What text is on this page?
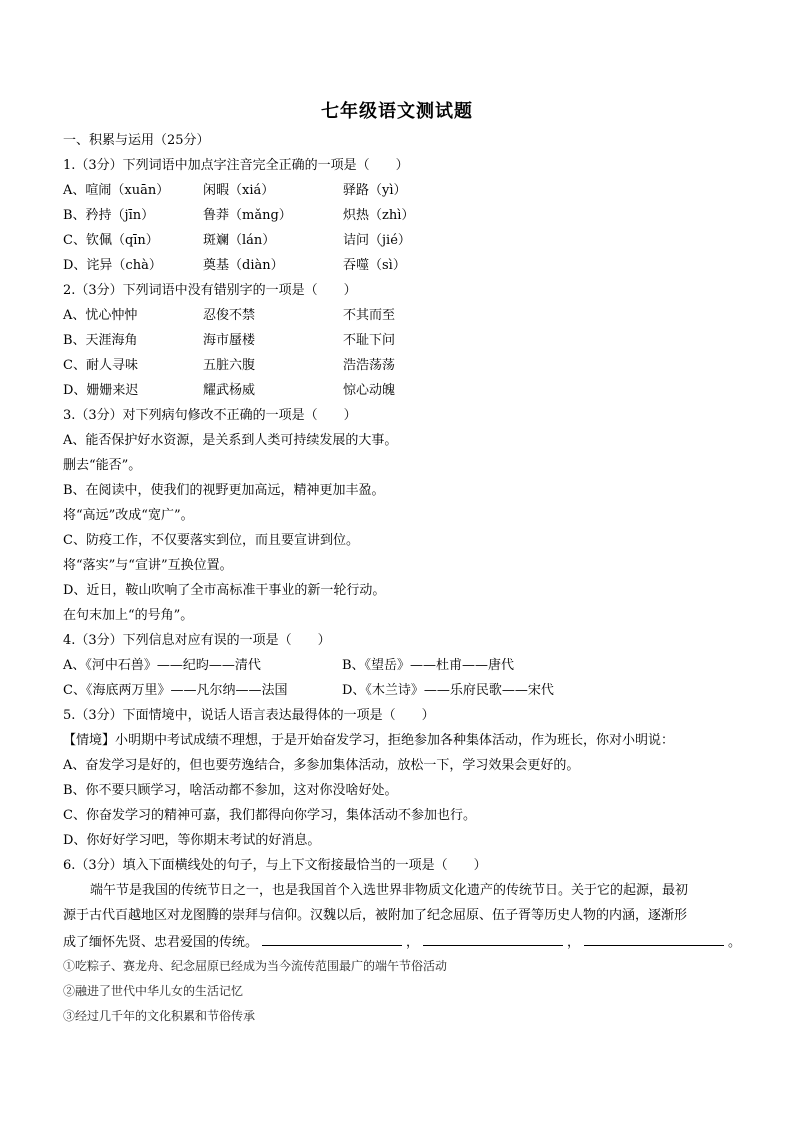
七年级语文测试题
一、积累与运用（25分）
1.（3分）下列词语中加点字注音完全正确的一项是（　　）
A、喧闹（xuān）	闲暇（xiá）	驿路（yì）
B、矜持（jīn）	鲁莽（mǎng）	炽热（zhì）
C、钦佩（qīn）	斑斓（lán）	诘问（jié）
D、诧异（chà）	奠基（diàn）	吞噬（sì）
2.（3分）下列词语中没有错别字的一项是（　　）
A、忧心忡忡	忍俊不禁	不其而至
B、天涯海角	海市蜃楼	不耻下问
C、耐人寻味	五脏六腹	浩浩荡荡
D、姗姗来迟	耀武杨威	惊心动魄
3.（3分）对下列病句修改不正确的一项是（　　）
A、能否保护好水资源，是关系到人类可持续发展的大事。
删去“能否”。
B、在阅读中，使我们的视野更加高远，精神更加丰盈。
将“高远”改成“宽广”。
C、防疫工作，不仅要落实到位，而且要宣讲到位。
将“落实”与“宣讲”互换位置。
D、近日，鞍山吹响了全市高标准干事业的新一轮行动。
在句末加上“的号角”。
4.（3分）下列信息对应有误的一项是（　　）
A、《河中石兽》——纪昀——清代	B、《望岳》——杜甫——唐代
C、《海底两万里》——凡尔纳——法国	D、《木兰诗》——乐府民歌——宋代
5.（3分）下面情境中，说话人语言表达最得体的一项是（　　）
【情境】小明期中考试成绩不理想，于是开始奋发学习，拒绝参加各种集体活动，作为班长，你对小明说：
A、奋发学习是好的，但也要劳逸结合，多参加集体活动，放松一下，学习效果会更好的。
B、你不要只顾学习，啥活动都不参加，这对你没啥好处。
C、你奋发学习的精神可嘉，我们都得向你学习，集体活动不参加也行。
D、你好好学习吧，等你期末考试的好消息。
6.（3分）填入下面横线处的句子，与上下文衔接最恰当的一项是（　　）
端午节是我国的传统节日之一，也是我国首个入选世界非物质文化遗产的传统节日。关于它的起源，最初
源于古代百越地区对龙图腾的崇拜与信仰。汉魏以后，被附加了纪念屈原、伍子胥等历史人物的内涵，逐渐形
成了缅怀先贤、忠君爱国的传统。	，	，	。
①吃粽子、赛龙舟、纪念屈原已经成为当今流传范围最广的端午节俗活动
②融进了世代中华儿女的生活记忆
③经过几千年的文化积累和节俗传承
